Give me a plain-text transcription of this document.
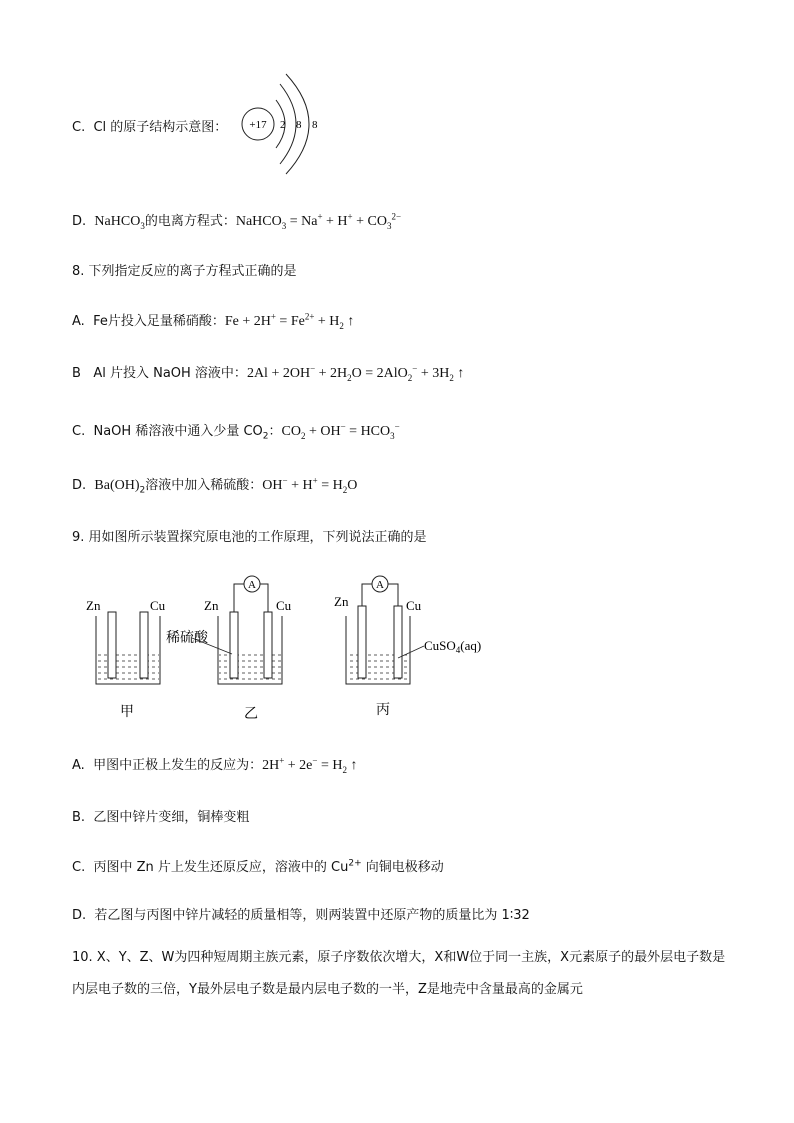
C. Cl 的原子结构示意图： +17 2 8 8
D. NaHCO$_3$的电离方程式：NaHCO$_3$ = $Na^+ + H^+ + CO_3^{2-}$
8. 下列指定反应的离子方程式正确的是
A. Fe片投入足量稀硝酸：$Fe + 2H^+ = Fe^{2+} + H_2$ ↑
B Al 片投入 NaOH 溶液中：$2Al + 2OH^- + 2H_2O = 2AlO_2^- + 3H_2$ ↑
C. NaOH 稀溶液中通入少量 $CO_2$：$CO_2 + OH^- = HCO_3^-$
D. $Ba(OH)_2$溶液中加入稀硫酸：$OH^- + H^+ = H_2O$
9. 用如图所示装置探究原电池的工作原理，下列说法正确的是
Zn	Cu
A
Zn	Cu
稀硫酸
A
Zn	Cu
CuSO$_4$(aq)
甲	乙	丙
A. 甲图中正极上发生的反应为：$2H^+ + 2e^- = H_2$ ↑
B. 乙图中锌片变细，铜棒变粗
C. 丙图中 Zn 片上发生还原反应，溶液中的 $Cu^{2+}$ 向铜电极移动
D. 若乙图与丙图中锌片减轻的质量相等，则两装置中还原产物的质量比为 1∶32
10. X、Y、Z、W为四种短周期主族元素，原子序数依次增大，X和W位于同一主族，X元素原子的最外层电子数是内层电子数的三倍，Y最外层电子数是最内层电子数的一半，Z是地壳中含量最高的金属元
